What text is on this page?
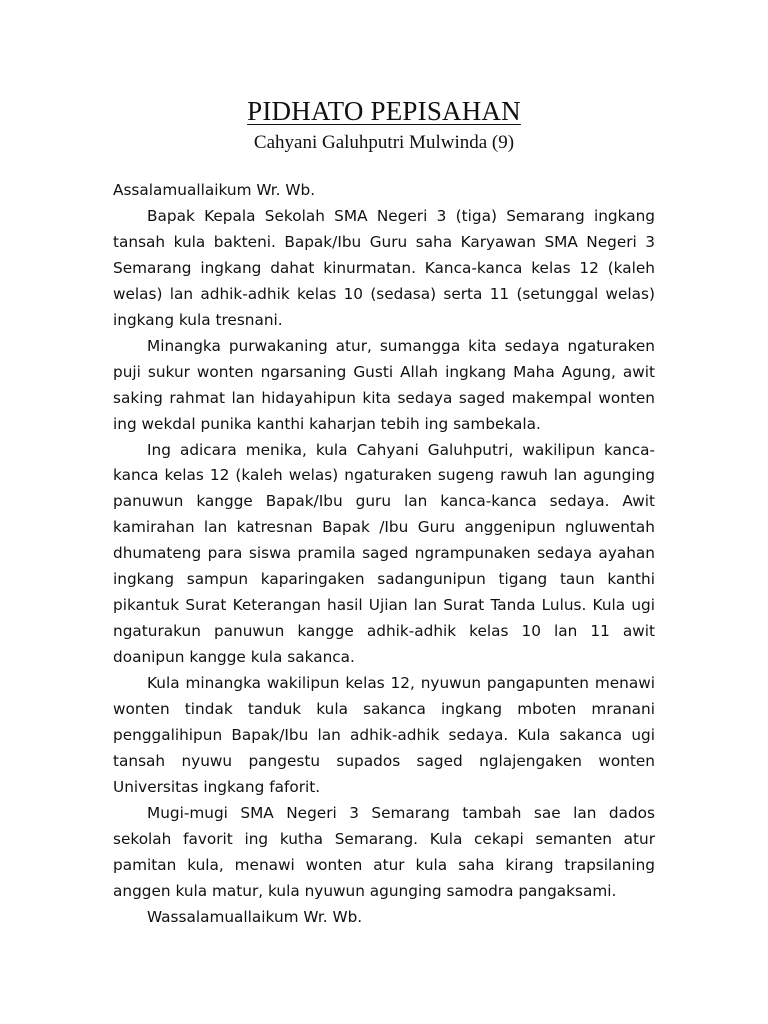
PIDHATO PEPISAHAN
Cahyani Galuhputri Mulwinda (9)

Assalamuallaikum Wr. Wb.

Bapak Kepala Sekolah SMA Negeri 3 (tiga) Semarang ingkang tansah kula bakteni. Bapak/Ibu Guru saha Karyawan SMA Negeri 3 Semarang ingkang dahat kinurmatan. Kanca-kanca kelas 12 (kaleh welas) lan adhik-adhik kelas 10 (sedasa) serta 11 (setunggal welas) ingkang kula tresnani.

Minangka purwakaning atur, sumangga kita sedaya ngaturaken puji sukur wonten ngarsaning Gusti Allah ingkang Maha Agung, awit saking rahmat lan hidayahipun kita sedaya saged makempal wonten ing wekdal punika kanthi kaharjan tebih ing sambekala.

Ing adicara menika, kula Cahyani Galuhputri, wakilipun kanca-kanca kelas 12 (kaleh welas) ngaturaken sugeng rawuh lan agunging panuwun kangge Bapak/Ibu guru lan kanca-kanca sedaya. Awit kamirahan lan katresnan Bapak /Ibu Guru anggenipun ngluwentah dhumateng para siswa pramila saged ngrampunaken sedaya ayahan ingkang sampun kaparingaken sadangunipun tigang taun kanthi pikantuk Surat Keterangan hasil Ujian lan Surat Tanda Lulus. Kula ugi ngaturakun panuwun kangge adhik-adhik kelas 10 lan 11 awit doanipun kangge kula sakanca.

Kula minangka wakilipun kelas 12, nyuwun pangapunten menawi wonten tindak tanduk kula sakanca ingkang mboten mranani penggalihipun Bapak/Ibu lan adhik-adhik sedaya. Kula sakanca ugi tansah nyuwu pangestu supados saged nglajengaken wonten Universitas ingkang faforit.

Mugi-mugi SMA Negeri 3 Semarang tambah sae lan dados sekolah favorit ing kutha Semarang. Kula cekapi semanten atur pamitan kula, menawi wonten atur kula saha kirang trapsilaning anggen kula matur, kula nyuwun agunging samodra pangaksami.

Wassalamuallaikum Wr. Wb.
